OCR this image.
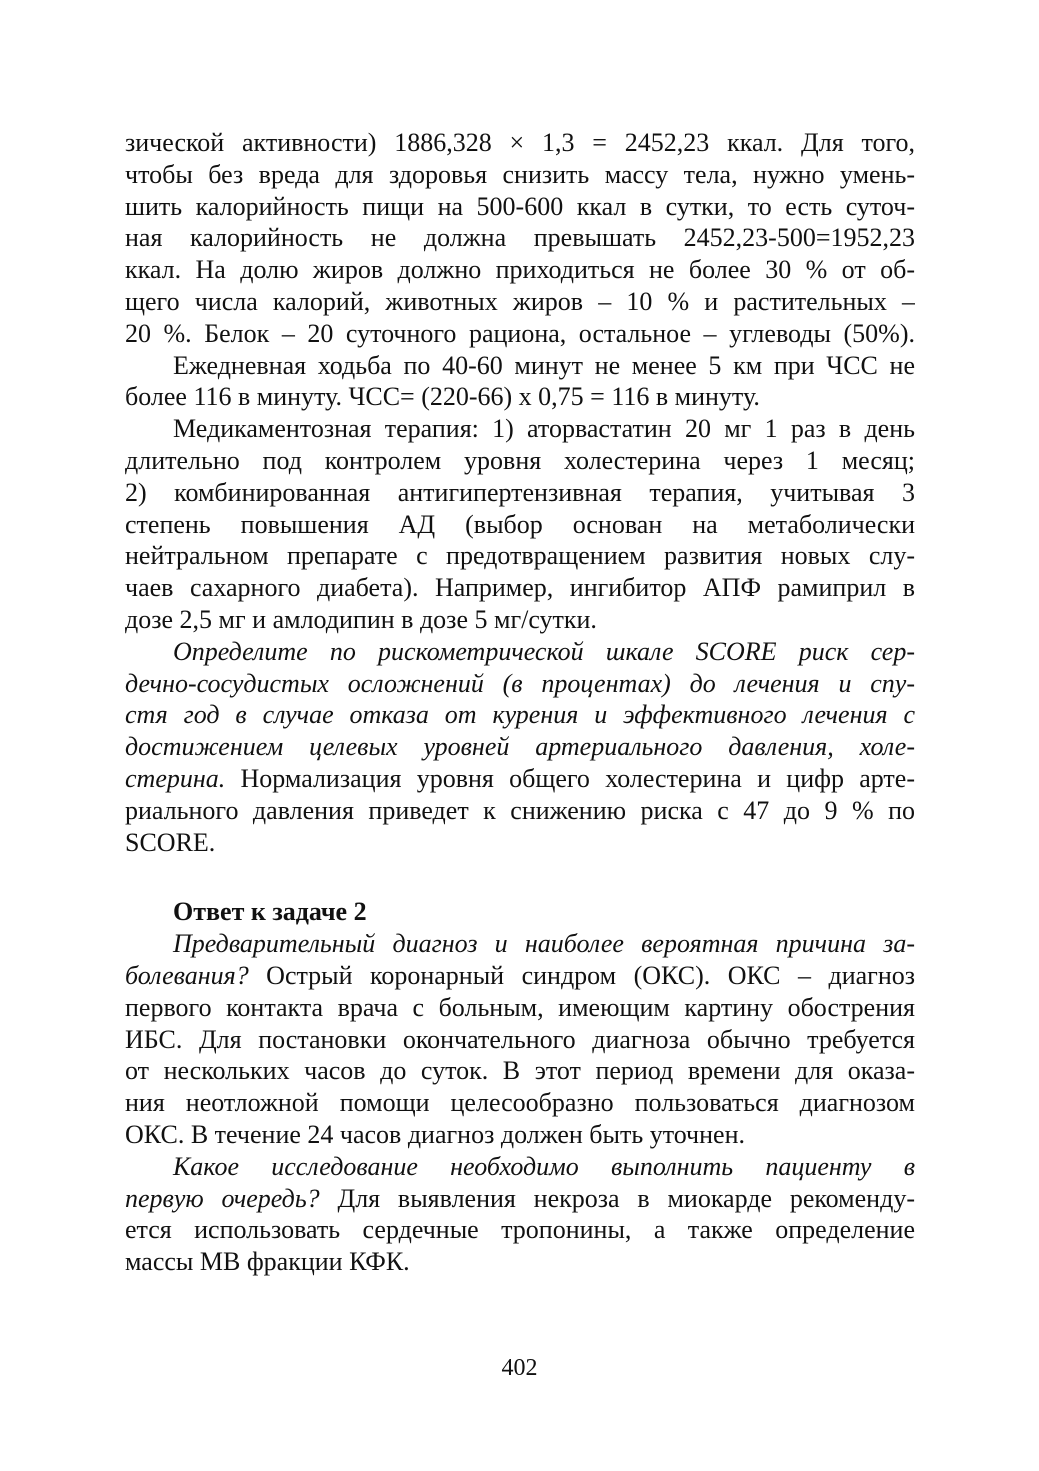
зической активности) 1886,328 × 1,3 = 2452,23 ккал. Для того,
чтобы без вреда для здоровья снизить массу тела, нужно умень-
шить калорийность пищи на 500-600 ккал в сутки, то есть суточ-
ная калорийность не должна превышать 2452,23-500=1952,23
ккал. На долю жиров должно приходиться не более 30 % от об-
щего числа калорий, животных жиров – 10 % и растительных –
20 %. Белок – 20 суточного рациона, остальное – углеводы (50%).
Ежедневная ходьба по 40-60 минут не менее 5 км при ЧСС не
более 116 в минуту. ЧСС= (220-66) х 0,75 = 116 в минуту.
Медикаментозная терапия: 1) аторвастатин 20 мг 1 раз в день
длительно под контролем уровня холестерина через 1 месяц;
2) комбинированная антигипертензивная терапия, учитывая 3
степень повышения АД (выбор основан на метаболически
нейтральном препарате с предотвращением развития новых слу-
чаев сахарного диабета). Например, ингибитор АПФ рамиприл в
дозе 2,5 мг и амлодипин в дозе 5 мг/сутки.
Определите по рискометрической шкале SCORE риск сер-
дечно-сосудистых осложнений (в процентах) до лечения и спу-
стя год в случае отказа от курения и эффективного лечения с
достижением целевых уровней артериального давления, холе-
стерина. Нормализация уровня общего холестерина и цифр арте-
риального давления приведет к снижению риска с 47 до 9 % по
SCORE.
Ответ к задаче 2
Предварительный диагноз и наиболее вероятная причина за-
болевания? Острый коронарный синдром (ОКС). ОКС – диагноз
первого контакта врача с больным, имеющим картину обострения
ИБС. Для постановки окончательного диагноза обычно требуется
от нескольких часов до суток. В этот период времени для оказа-
ния неотложной помощи целесообразно пользоваться диагнозом
ОКС. В течение 24 часов диагноз должен быть уточнен.
Какое исследование необходимо выполнить пациенту в
первую очередь? Для выявления некроза в миокарде рекоменду-
ется использовать сердечные тропонины, а также определение
массы МВ фракции КФК.
402
